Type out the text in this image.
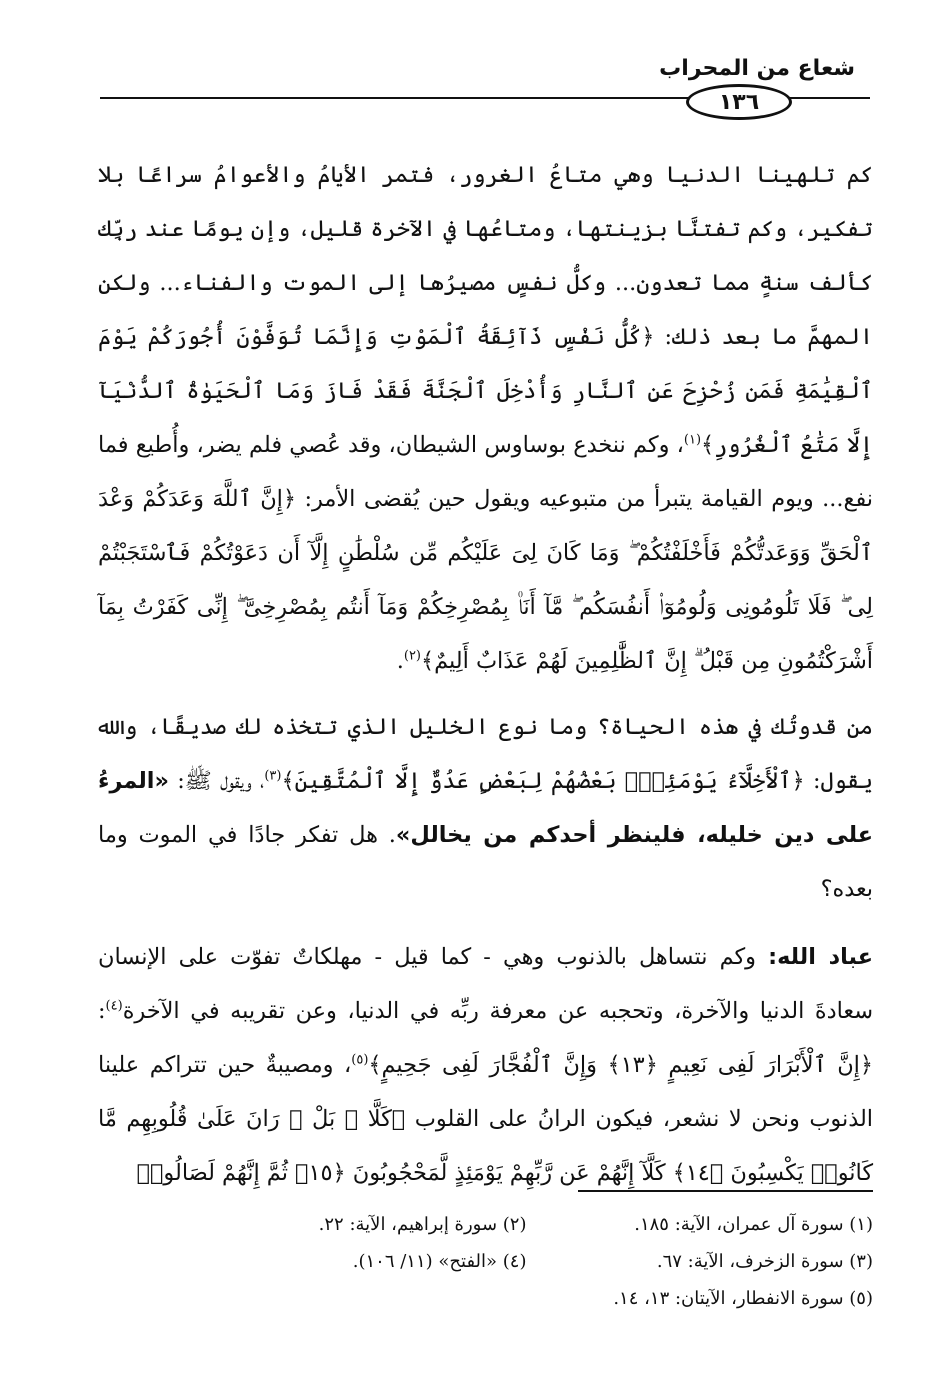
شعاع من المحراب
١٣٦

كم تلهينا الدنيا وهي متاعُ الغرور، فتمر الأيامُ والأعوامُ سراعًا بلا تفكير، وكم تفتنَّا بزينتها، ومتاعُها في الآخرة قليل، وإن يومًا عند ربِّك كألف سنةٍ مما تعدون... وكلُّ نفسٍ مصيرُها إلى الموت والفناء... ولكن المهمَّ ما بعد ذلك: ﴿كُلُّ نَفْسٍ ذَآئِقَةُ ٱلْمَوْتِ وَإِنَّمَا تُوَفَّوْنَ أُجُورَكُمْ يَوْمَ ٱلْقِيَٰمَةِ فَمَن زُحْزِحَ عَنِ ٱلنَّارِ وَأُدْخِلَ ٱلْجَنَّةَ فَقَدْ فَازَ وَمَا ٱلْحَيَوٰةُ ٱلدُّنْيَآ إِلَّا مَتَٰعُ ٱلْغُرُورِ﴾$^{(١)}$، وكم ننخدع بوساوس الشيطان، وقد عُصي فلم يضر، وأُطيع فما نفع... ويوم القيامة يتبرأ من متبوعيه ويقول حين يُقضى الأمر: ﴿إِنَّ ٱللَّهَ وَعَدَكُمْ وَعْدَ ٱلْحَقِّ وَوَعَدتُّكُمْ فَأَخْلَفْتُكُمْ ۖ وَمَا كَانَ لِىَ عَلَيْكُم مِّن سُلْطَٰنٍ إِلَّآ أَن دَعَوْتُكُمْ فَٱسْتَجَبْتُمْ لِى ۖ فَلَا تَلُومُونِى وَلُومُوٓا۟ أَنفُسَكُم ۖ مَّآ أَنَا۠ بِمُصْرِخِكُمْ وَمَآ أَنتُم بِمُصْرِخِىَّ ۖ إِنِّى كَفَرْتُ بِمَآ أَشْرَكْتُمُونِ مِن قَبْلُ ۗ إِنَّ ٱلظَّٰلِمِينَ لَهُمْ عَذَابٌ أَلِيمٌ﴾$^{(٢)}$.

من قدوتُك في هذه الحياة؟ وما نوع الخليل الذي تتخذه لك صديقًا، والله يقول: ﴿ٱلْأَخِلَّآءُ يَوْمَئِذٍۭ بَعْضُهُمْ لِبَعْضٍ عَدُوٌّ إِلَّا ٱلْمُتَّقِينَ﴾$^{(٣)}$، ويقول ﷺ: «المرءُ على دين خليله، فلينظر أحدكم من يخالل». هل تفكر جادًا في الموت وما بعده؟

عباد الله: وكم نتساهل بالذنوب وهي - كما قيل - مهلكاتٌ تفوّت على الإنسان سعادةَ الدنيا والآخرة، وتحجبه عن معرفة ربِّه في الدنيا، وعن تقريبه في الآخرة$^{(٤)}$: ﴿إِنَّ ٱلْأَبْرَارَ لَفِى نَعِيمٍ ﴿١٣﴾ وَإِنَّ ٱلْفُجَّارَ لَفِى جَحِيمٍ﴾$^{(٥)}$، ومصيبةٌ حين تتراكم علينا الذنوب ونحن لا نشعر، فيكون الرانُ على القلوب ﴿كَلَّا ۖ بَلْ ۜ رَانَ عَلَىٰ قُلُوبِهِم مَّا كَانُوا۟ يَكْسِبُونَ ﴿١٤﴾ كَلَّآ إِنَّهُمْ عَن رَّبِّهِمْ يَوْمَئِذٍ لَّمَحْجُوبُونَ ﴿١٥﴾ ثُمَّ إِنَّهُمْ لَصَالُوا۟

(١) سورة آل عمران، الآية: ١٨٥.
(٢) سورة إبراهيم، الآية: ٢٢.
(٣) سورة الزخرف، الآية: ٦٧.
(٤) «الفتح» (١١/ ١٠٦).
(٥) سورة الانفطار، الآيتان: ١٣، ١٤.
